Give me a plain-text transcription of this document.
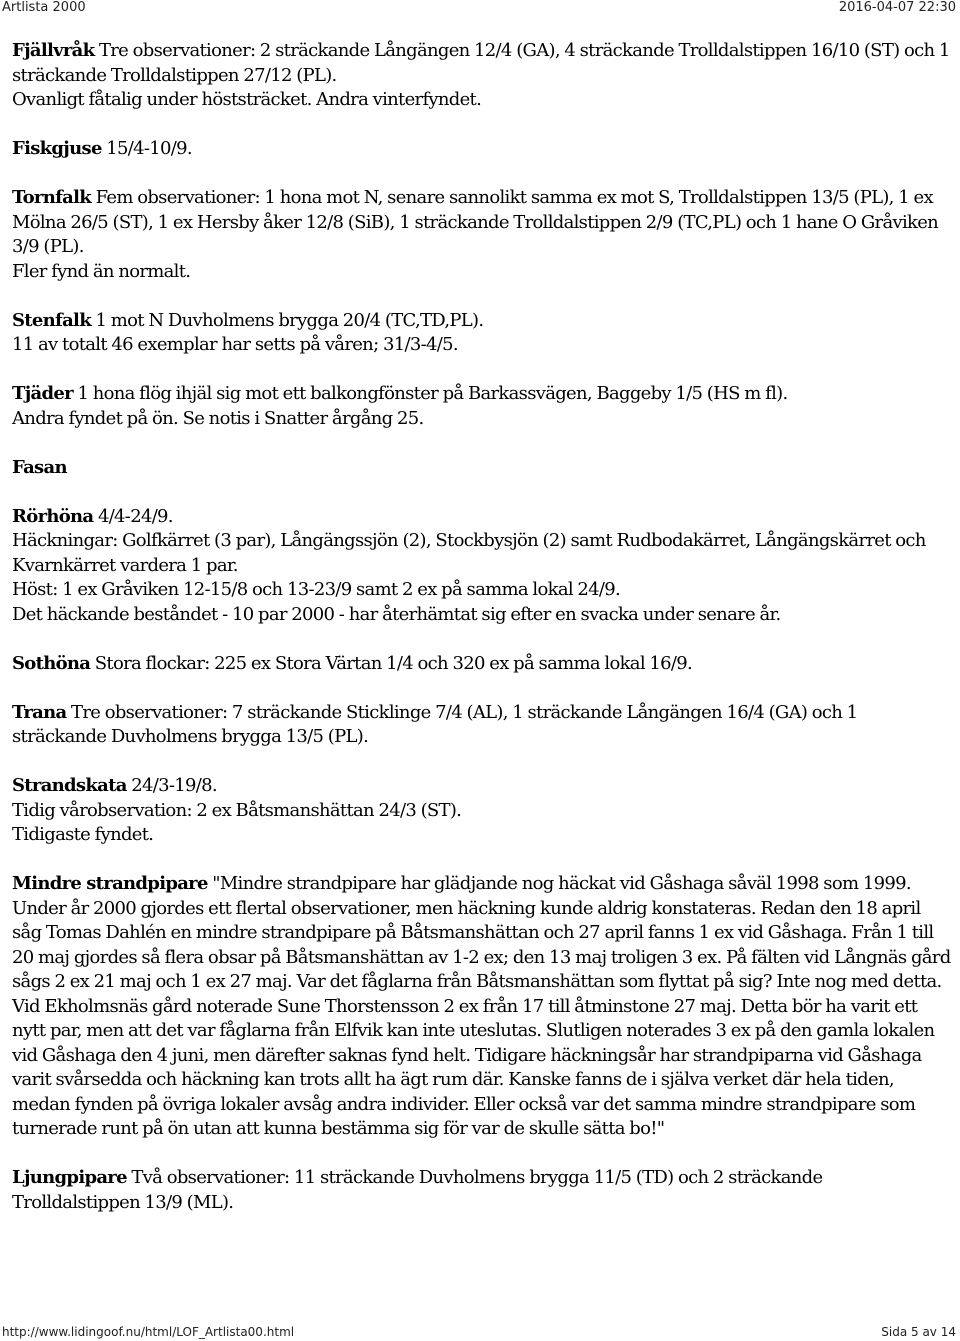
Artlista 2000	2016-04-07 22:30

Fjällvråk Tre observationer: 2 sträckande Långängen 12/4 (GA), 4 sträckande Trolldalstippen 16/10 (ST) och 1 sträckande Trolldalstippen 27/12 (PL).

Ovanligt fåtalig under höststräcket. Andra vinterfyndet.

Fiskgjuse 15/4-10/9.

Tornfalk Fem observationer: 1 hona mot N, senare sannolikt samma ex mot S, Trolldalstippen 13/5 (PL), 1 ex Mölna 26/5 (ST), 1 ex Hersby åker 12/8 (SiB), 1 sträckande Trolldalstippen 2/9 (TC,PL) och 1 hane O Gråviken 3/9 (PL).

Fler fynd än normalt.

Stenfalk 1 mot N Duvholmens brygga 20/4 (TC,TD,PL).

11 av totalt 46 exemplar har setts på våren; 31/3-4/5.

Tjäder 1 hona flög ihjäl sig mot ett balkongfönster på Barkassvägen, Baggeby 1/5 (HS m fl).

Andra fyndet på ön. Se notis i Snatter årgång 25.

Fasan

Rörhöna 4/4-24/9.

Häckningar: Golfkärret (3 par), Långängssjön (2), Stockbysjön (2) samt Rudbodakärret, Långängskärret och Kvarnkärret vardera 1 par.

Höst: 1 ex Gråviken 12-15/8 och 13-23/9 samt 2 ex på samma lokal 24/9.

Det häckande beståndet - 10 par 2000 - har återhämtat sig efter en svacka under senare år.

Sothöna Stora flockar: 225 ex Stora Värtan 1/4 och 320 ex på samma lokal 16/9.

Trana Tre observationer: 7 sträckande Sticklinge 7/4 (AL), 1 sträckande Långängen 16/4 (GA) och 1 sträckande Duvholmens brygga 13/5 (PL).

Strandskata 24/3-19/8.

Tidig vårobservation: 2 ex Båtsmanshättan 24/3 (ST).

Tidigaste fyndet.

Mindre strandpipare "Mindre strandpipare har glädjande nog häckat vid Gåshaga såväl 1998 som 1999. Under år 2000 gjordes ett flertal observationer, men häckning kunde aldrig konstateras. Redan den 18 april såg Tomas Dahlén en mindre strandpipare på Båtsmanshättan och 27 april fanns 1 ex vid Gåshaga. Från 1 till 20 maj gjordes så flera obsar på Båtsmanshättan av 1-2 ex; den 13 maj troligen 3 ex. På fälten vid Långnäs gård sågs 2 ex 21 maj och 1 ex 27 maj. Var det fåglarna från Båtsmanshättan som flyttat på sig? Inte nog med detta. Vid Ekholmsnäs gård noterade Sune Thorstensson 2 ex från 17 till åtminstone 27 maj. Detta bör ha varit ett nytt par, men att det var fåglarna från Elfvik kan inte uteslutas. Slutligen noterades 3 ex på den gamla lokalen vid Gåshaga den 4 juni, men därefter saknas fynd helt. Tidigare häckningsår har strandpiparna vid Gåshaga varit svårsedda och häckning kan trots allt ha ägt rum där. Kanske fanns de i själva verket där hela tiden, medan fynden på övriga lokaler avsåg andra individer. Eller också var det samma mindre strandpipare som turnerade runt på ön utan att kunna bestämma sig för var de skulle sätta bo!"

Ljungpipare Två observationer: 11 sträckande Duvholmens brygga 11/5 (TD) och 2 sträckande Trolldalstippen 13/9 (ML).

http://www.lidingoof.nu/html/LOF_Artlista00.html	Sida 5 av 14
